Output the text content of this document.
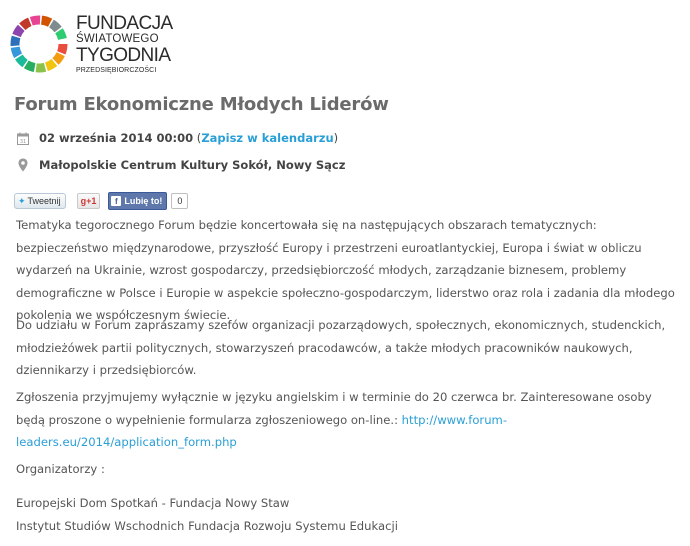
FUNDACJA
ŚWIATOWEGO
TYGODNIA
PRZEDSIĘBIORCZOŚCI
Forum Ekonomiczne Młodych Liderów
31 02 września 2014 00:00 ( Zapisz w kalendarzu )
Małopolskie Centrum Kultury Sokół, Nowy Sącz
✦ Tweetnij g+1	f Lubię to!	0

Tematyka tegorocznego Forum będzie koncertowała się na następujących obszarach tematycznych: bezpieczeństwo międzynarodowe, przyszłość Europy i przestrzeni euroatlantyckiej, Europa i świat w obliczu wydarzeń na Ukrainie, wzrost gospodarczy, przedsiębiorczość młodych, zarządzanie biznesem, problemy demograficzne w Polsce i Europie w aspekcie społeczno-gospodarczym, liderstwo oraz rola i zadania dla młodego pokolenia we współczesnym świecie.

Do udziału w Forum zapraszamy szefów organizacji pozarządowych, społecznych, ekonomicznych, studenckich, młodzieżówek partii politycznych, stowarzyszeń pracodawców, a także młodych pracowników naukowych, dziennikarzy i przedsiębiorców.

Zgłoszenia przyjmujemy wyłącznie w języku angielskim i w terminie do 20 czerwca br. Zainteresowane osoby będą proszone o wypełnienie formularza zgłoszeniowego on-line.: http://www.forum-leaders.eu/2014/application_form.php

Organizatorzy :

Europejski Dom Spotkań - Fundacja Nowy Staw
Instytut Studiów Wschodnich Fundacja Rozwoju Systemu Edukacji
